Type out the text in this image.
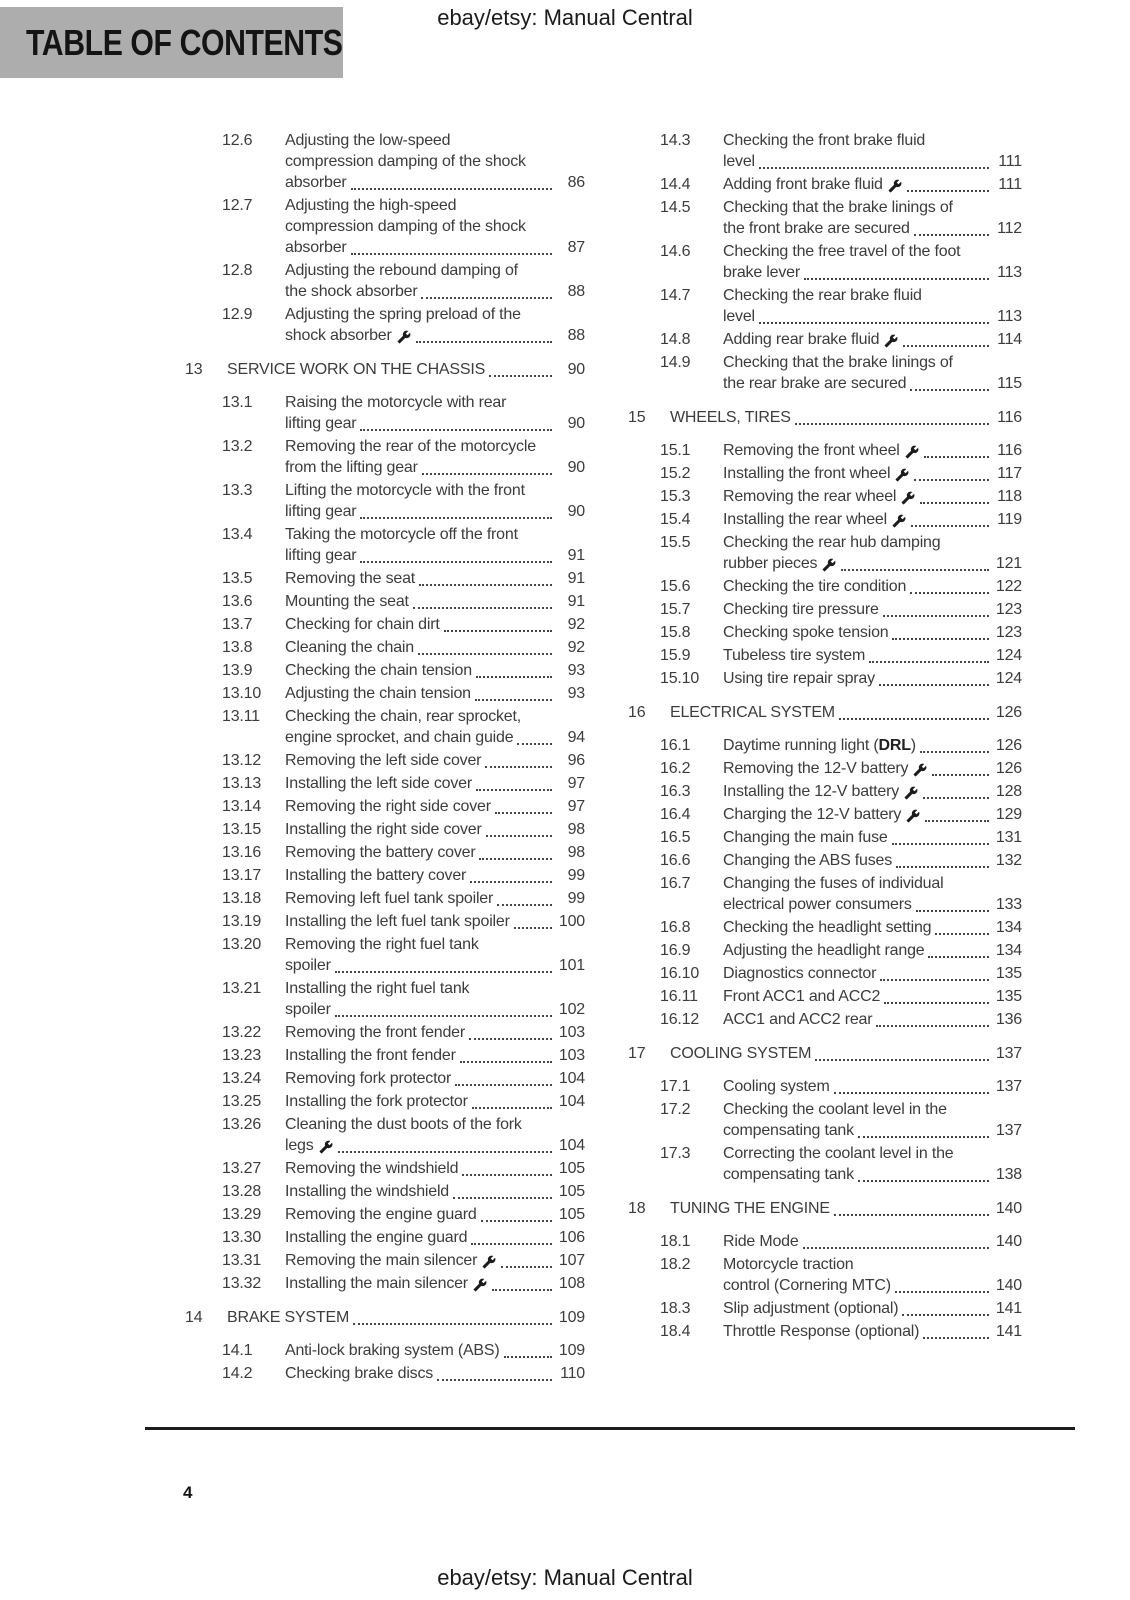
ebay/etsy: Manual Central
TABLE OF CONTENTS
12.6	Adjusting the low-speed
compression damping of the shock
absorber	86
12.7	Adjusting the high-speed
compression damping of the shock
absorber	87
12.8	Adjusting the rebound damping of
the shock absorber	88
12.9	Adjusting the spring preload of the
shock absorber	88
13	SERVICE WORK ON THE CHASSIS	90
13.1	Raising the motorcycle with rear
lifting gear	90
13.2	Removing the rear of the motorcycle
from the lifting gear	90
13.3	Lifting the motorcycle with the front
lifting gear	90
13.4	Taking the motorcycle off the front
lifting gear	91
13.5	Removing the seat	91
13.6	Mounting the seat	91
13.7	Checking for chain dirt	92
13.8	Cleaning the chain	92
13.9	Checking the chain tension	93
13.10	Adjusting the chain tension	93
13.11	Checking the chain, rear sprocket,
engine sprocket, and chain guide	94
13.12	Removing the left side cover	96
13.13	Installing the left side cover	97
13.14	Removing the right side cover	97
13.15	Installing the right side cover	98
13.16	Removing the battery cover	98
13.17	Installing the battery cover	99
13.18	Removing left fuel tank spoiler	99
13.19	Installing the left fuel tank spoiler	100
13.20	Removing the right fuel tank
spoiler	101
13.21	Installing the right fuel tank
spoiler	102
13.22	Removing the front fender	103
13.23	Installing the front fender	103
13.24	Removing fork protector	104
13.25	Installing the fork protector	104
13.26	Cleaning the dust boots of the fork
legs	104
13.27	Removing the windshield	105
13.28	Installing the windshield	105
13.29	Removing the engine guard	105
13.30	Installing the engine guard	106
13.31	Removing the main silencer	107
13.32	Installing the main silencer	108
14	BRAKE SYSTEM	109
14.1	Anti-lock braking system (ABS)	109
14.2	Checking brake discs	110
14.3	Checking the front brake fluid
level	111
14.4	Adding front brake fluid	111
14.5	Checking that the brake linings of
the front brake are secured	112
14.6	Checking the free travel of the foot
brake lever	113
14.7	Checking the rear brake fluid
level	113
14.8	Adding rear brake fluid	114
14.9	Checking that the brake linings of
the rear brake are secured	115
15	WHEELS, TIRES	116
15.1	Removing the front wheel	116
15.2	Installing the front wheel	117
15.3	Removing the rear wheel	118
15.4	Installing the rear wheel	119
15.5	Checking the rear hub damping
rubber pieces	121
15.6	Checking the tire condition	122
15.7	Checking tire pressure	123
15.8	Checking spoke tension	123
15.9	Tubeless tire system	124
15.10	Using tire repair spray	124
16	ELECTRICAL SYSTEM	126
16.1	Daytime running light (DRL)	126
16.2	Removing the 12-V battery	126
16.3	Installing the 12-V battery	128
16.4	Charging the 12-V battery	129
16.5	Changing the main fuse	131
16.6	Changing the ABS fuses	132
16.7	Changing the fuses of individual
electrical power consumers	133
16.8	Checking the headlight setting	134
16.9	Adjusting the headlight range	134
16.10	Diagnostics connector	135
16.11	Front ACC1 and ACC2	135
16.12	ACC1 and ACC2 rear	136
17	COOLING SYSTEM	137
17.1	Cooling system	137
17.2	Checking the coolant level in the
compensating tank	137
17.3	Correcting the coolant level in the
compensating tank	138
18	TUNING THE ENGINE	140
18.1	Ride Mode	140
18.2	Motorcycle traction
control (Cornering MTC)	140
18.3	Slip adjustment (optional)	141
18.4	Throttle Response (optional)	141
4
ebay/etsy: Manual Central
